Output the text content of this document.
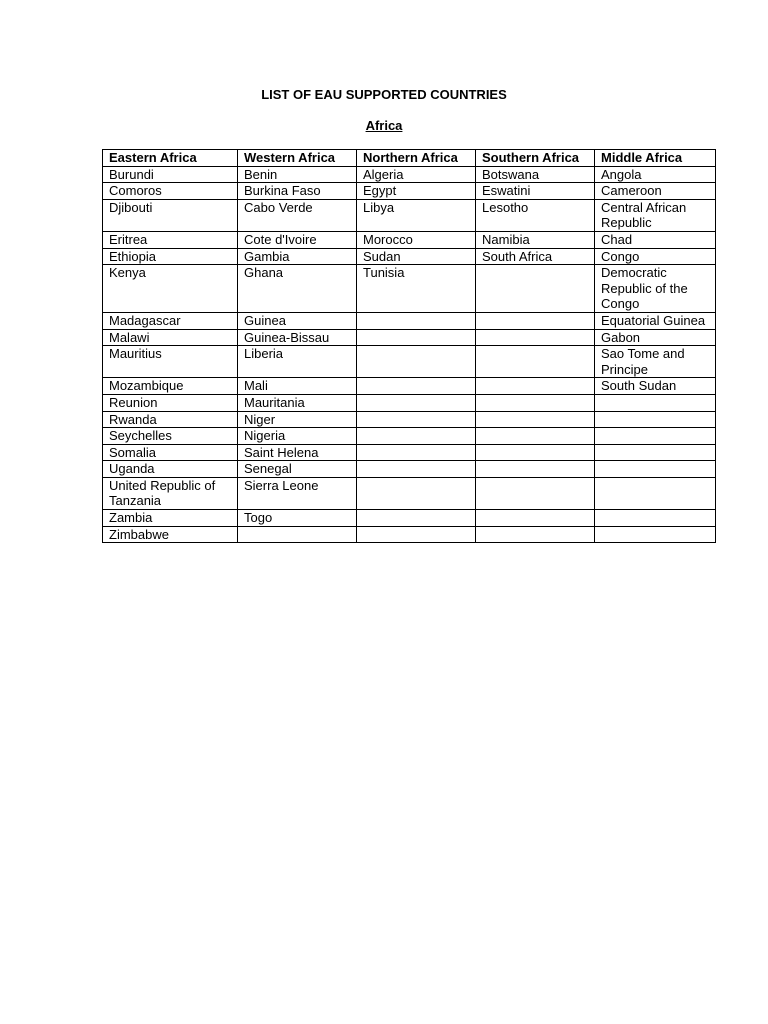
LIST OF EAU SUPPORTED COUNTRIES
Africa
Eastern Africa	Western Africa	Northern Africa	Southern Africa	Middle Africa
Burundi	Benin	Algeria	Botswana	Angola
Comoros	Burkina Faso	Egypt	Eswatini	Cameroon
Djibouti	Cabo Verde	Libya	Lesotho	Central African Republic
Eritrea	Cote d'Ivoire	Morocco	Namibia	Chad
Ethiopia	Gambia	Sudan	South Africa	Congo
Kenya	Ghana	Tunisia		Democratic Republic of the Congo
Madagascar	Guinea			Equatorial Guinea
Malawi	Guinea-Bissau			Gabon
Mauritius	Liberia			Sao Tome and Principe
Mozambique	Mali			South Sudan
Reunion	Mauritania			
Rwanda	Niger			
Seychelles	Nigeria			
Somalia	Saint Helena			
Uganda	Senegal			
United Republic of Tanzania	Sierra Leone			
Zambia	Togo			
Zimbabwe				
